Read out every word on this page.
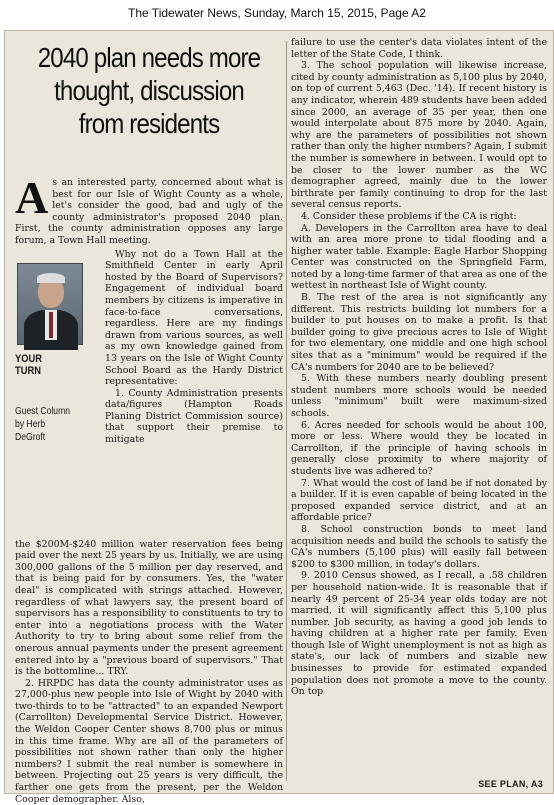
The Tidewater News, Sunday, March 15, 2015, Page A2
2040 plan needs more thought, discussion from residents

As an interested party, concerned about what is best for our Isle of Wight County as a whole, let's consider the good, bad and ugly of the county administrator's proposed 2040 plan. First, the county administration opposes any large forum, a Town Hall meeting.

YOUR
TURN
Guest Column
by Herb
DeGroft

Why not do a Town Hall at the Smithfield Center in early April hosted by the Board of Supervisors? Engagement of individual board members by citizens is imperative in face-to-face conversations, regardless. Here are my findings drawn from various sources, as well as my own knowledge gained from 13 years on the Isle of Wight County School Board as the Hardy District representative:

1. County Administration presents data/figures (Hampton Roads Planing District Commission source) that support their premise to mitigate

the $200M-$240 million water reservation fees being paid over the next 25 years by us. Initially, we are using 300,000 gallons of the 5 million per day reserved, and that is being paid for by consumers. Yes, the "water deal" is complicated with strings attached. However, regardless of what lawyers say, the present board of supervisors has a responsibility to constituents to try to enter into a negotiations process with the Water Authority to try to bring about some relief from the onerous annual payments under the present agreement entered into by a "previous board of supervisors." That is the bottomline... TRY.

2. HRPDC has data the county administrator uses as 27,000-plus new people into Isle of Wight by 2040 with two-thirds to to be "attracted" to an expanded Newport (Carrollton) Developmental Service District. However, the Weldon Cooper Center shows 8,700 plus or minus in this time frame. Why are all of the parameters of possibilities not shown rather than only the higher numbers? I submit the real number is somewhere in between. Projecting out 25 years is very difficult, the farther one gets from the present, per the Weldon Cooper demographer. Also,

failure to use the center's data violates intent of the letter of the State Code, I think.

3. The school population will likewise increase, cited by county administration as 5,100 plus by 2040, on top of current 5,463 (Dec. '14). If recent history is any indicator, wherein 489 students have been added since 2000, an average of 35 per year, then one would interpolate about 875 more by 2040. Again, why are the parameters of possibilities not shown rather than only the higher numbers? Again, I submit the number is somewhere in between. I would opt to be closer to the lower number as the WC demographer agreed, mainly due to the lower birthrate per family continuing to drop for the last several census reports.

4. Consider these problems if the CA is right:

A. Developers in the Carrollton area have to deal with an area more prone to tidal flooding and a higher water table. Example: Eagle Harbor Shopping Center was constructed on the Springfield Farm, noted by a long-time farmer of that area as one of the wettest in northeast Isle of Wight county.

B. The rest of the area is not significantly any different. This restricts building lot numbers for a builder to put houses on to make a profit. Is that builder going to give precious acres to Isle of Wight for two elementary, one middle and one high school sites that as a "minimum" would be required if the CA's numbers for 2040 are to be believed?

5. With these numbers nearly doubling present student numbers more schools would be needed unless "minimum" built were maximum-sized schools.

6. Acres needed for schools would be about 100, more or less. Where would they be located in Carrollton, if the principle of having schools in generally close proximity to where majority of students live was adhered to?

7. What would the cost of land be if not donated by a builder. If it is even capable of being located in the proposed expanded service district, and at an affordable price?

8. School construction bonds to meet land acquisition needs and build the schools to satisfy the CA's numbers (5,100 plus) will easily fall between $200 to $300 million, in today's dollars.

9. 2010 Census showed, as I recall, a .58 children per household nation-wide. It is reasonable that if nearly 49 percent of 25-34 year olds today are not married, it will significantly affect this 5,100 plus number. Job security, as having a good job lends to having children at a higher rate per family. Even though Isle of Wight unemployment is not as high as state's, our lack of numbers and sizable new businesses to provide for estimated expanded population does not promote a move to the county. On top

SEE PLAN, A3
